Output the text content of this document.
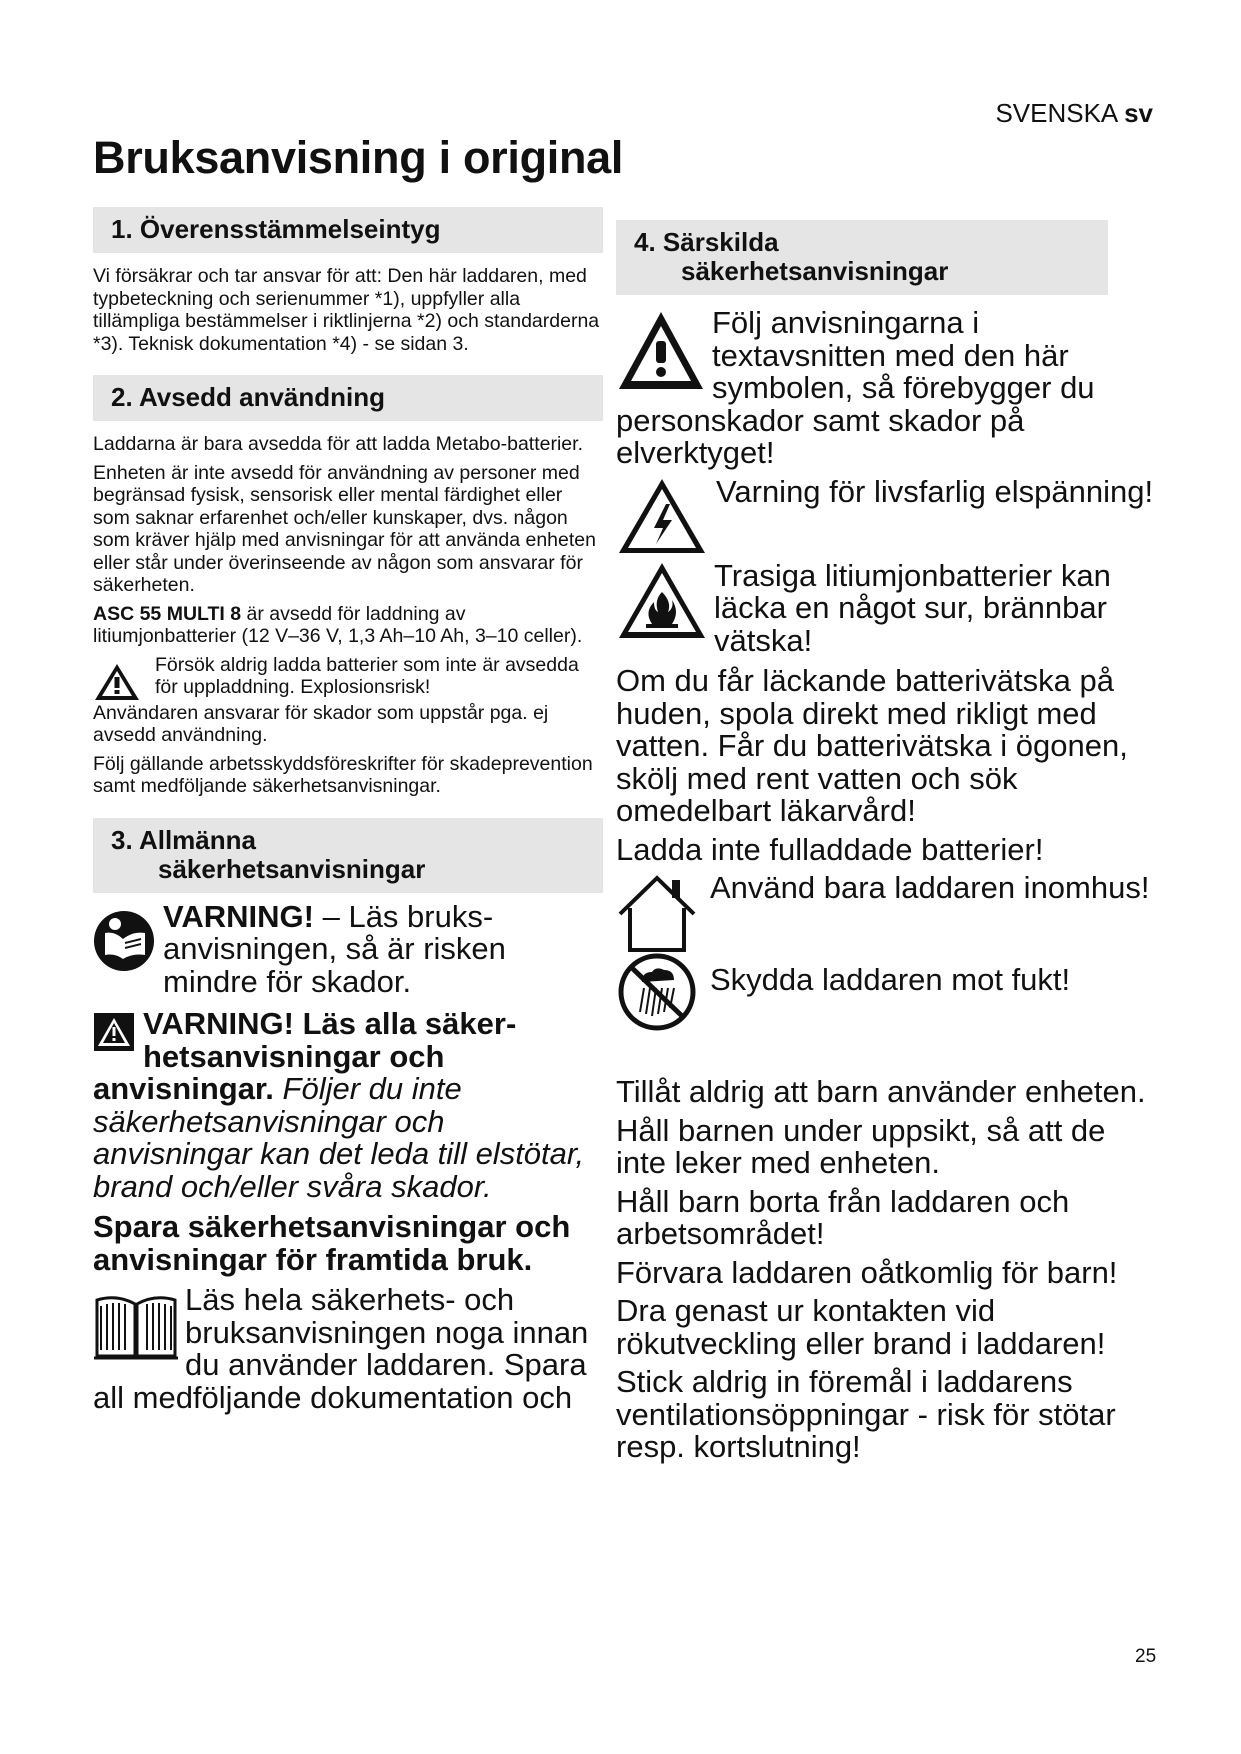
SVENSKA sv
Bruksanvisning i original
1. Överensstämmelseintyg

Vi försäkrar och tar ansvar för att: Den här laddaren, med typbeteckning och serienummer *1), uppfyller alla tillämpliga bestämmelser i riktlinjerna *2) och standarderna *3). Teknisk dokumentation *4) - se sidan 3.

2. Avsedd användning

Laddarna är bara avsedda för att ladda Metabo-batterier.

Enheten är inte avsedd för användning av personer med begränsad fysisk, sensorisk eller mental färdighet eller som saknar erfarenhet och/eller kunskaper, dvs. någon som kräver hjälp med anvisningar för att använda enheten eller står under överinseende av någon som ansvarar för säkerheten.

ASC 55 MULTI 8 är avsedd för laddning av litiumjonbatterier (12 V–36 V, 1,3 Ah–10 Ah, 3–10 celler).

Försök aldrig ladda batterier som inte är avsedda för uppladdning. Explosionsrisk!

Användaren ansvarar för skador som uppstår pga. ej avsedd användning.

Följ gällande arbetsskyddsföreskrifter för skadeprevention samt medföljande säkerhetsanvisningar.

3. Allmänna
säkerhetsanvisningar

VARNING! – Läs bruks-anvisningen, så är risken mindre för skador.

VARNING! Läs alla säker-hetsanvisningar och anvisningar. Följer du inte säkerhetsanvisningar och anvisningar kan det leda till elstötar, brand och/eller svåra skador.

Spara säkerhetsanvisningar och anvisningar för framtida bruk.

Läs hela säkerhets- och bruksanvisningen noga innan du använder laddaren. Spara all medföljande dokumentation och

4. Särskilda
säkerhetsanvisningar

Följ anvisningarna i textavsnitten med den här symbolen, så förebygger du personskador samt skador på elverktyget!

Varning för livsfarlig elspänning!

Trasiga litiumjonbatterier kan läcka en något sur, brännbar vätska!

Om du får läckande batterivätska på huden, spola direkt med rikligt med vatten. Får du batterivätska i ögonen, skölj med rent vatten och sök omedelbart läkarvård!

Ladda inte fulladdade batterier!

Använd bara laddaren inomhus!

Skydda laddaren mot fukt!

Tillåt aldrig att barn använder enheten.

Håll barnen under uppsikt, så att de inte leker med enheten.

Håll barn borta från laddaren och arbetsområdet!

Förvara laddaren oåtkomlig för barn!

Dra genast ur kontakten vid rökutveckling eller brand i laddaren!

Stick aldrig in föremål i laddarens ventilationsöppningar - risk för stötar resp. kortslutning!

25
